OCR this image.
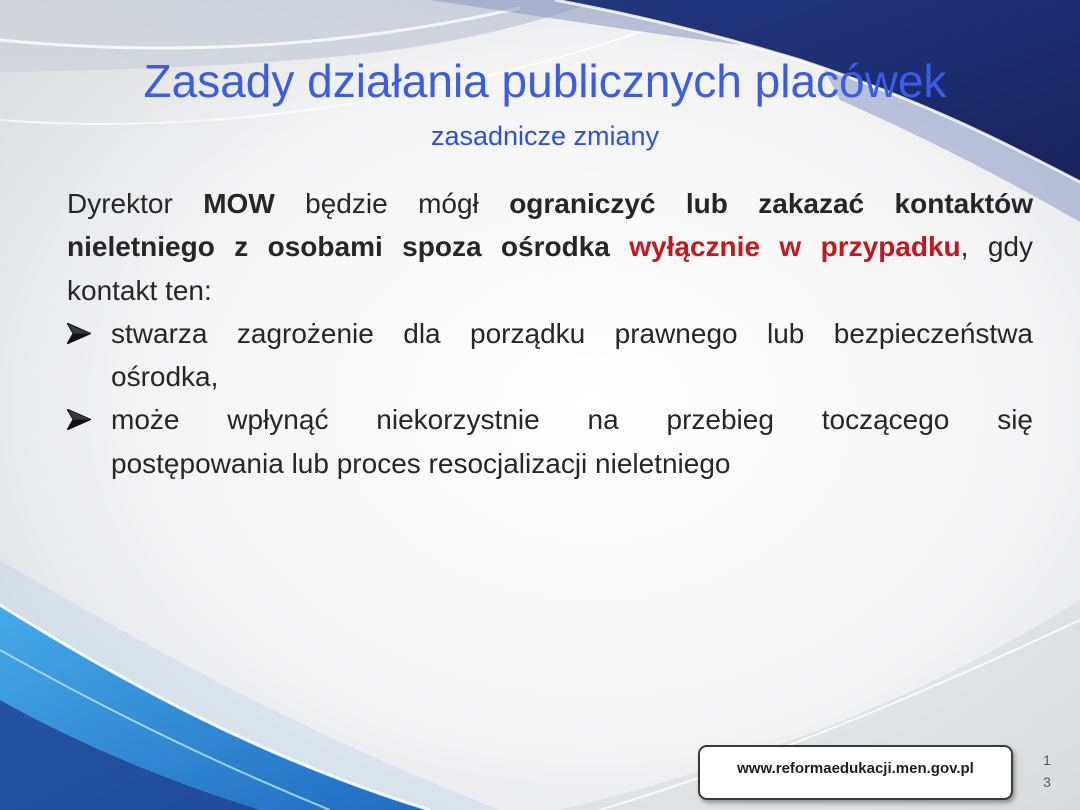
Zasady działania publicznych placówek
zasadnicze zmiany
Dyrektor MOW będzie mógł ograniczyć lub zakazać kontaktów
nieletniego z osobami spoza ośrodka wyłącznie w przypadku, gdy
kontakt ten:
stwarza zagrożenie dla porządku prawnego lub bezpieczeństwa
ośrodka,
może wpłynąć niekorzystnie na przebieg toczącego się
postępowania lub proces resocjalizacji nieletniego
www.reformaedukacji.men.gov.pl	13
